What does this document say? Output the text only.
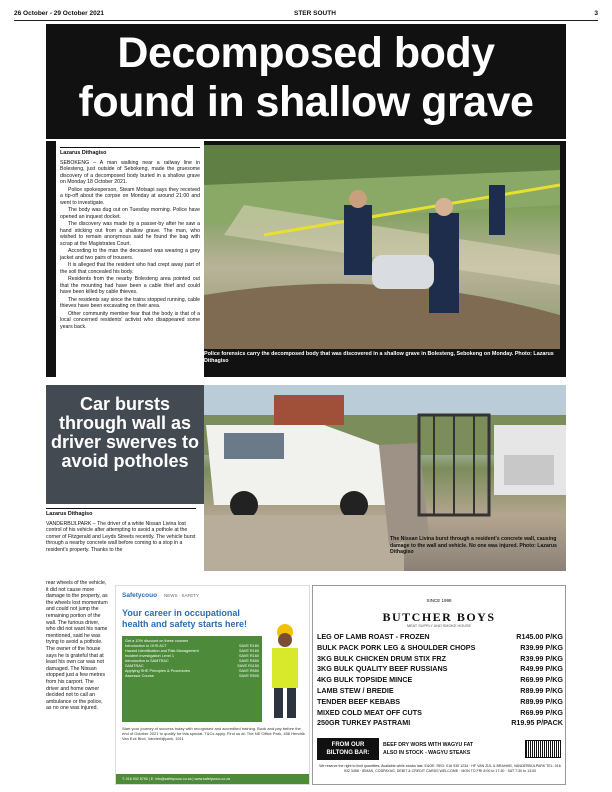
26 October - 29 October 2021	STER SOUTH	3
Decomposed body
found in shallow grave
Lazarus Dithagiso

SEBOKENG – A man walking near a railway line in Bolesteng, just outside of Sebokeng, made the gruesome discovery of a decomposed body buried in a shallow grave on Monday 18 October 2021.

Police spokesperson, Steam Motsapi says they received a tip-off about the corpse on Monday at around 21:00 and went to investigate.

The body was dug out on Tuesday morning. Police have opened an inquest docket.

The discovery was made by a passer-by after he saw a hand sticking out from a shallow grave. The man, who wished to remain anonymous said he found the bag with scrap at the Magistrates Court.

According to the man the deceased was wearing a grey jacket and two pairs of trousers.

It is alleged that the resident who had crept away part of the soil that concealed his body.

Residents from the nearby Bolesteng area pointed out that the mounting had have been a cable thief and could have been killed by cable thieves.

The residents say since the trains stopped running, cable thieves have been excavating on their area.

Other community member fear that the body is that of a local concerned residents' activist who disappeared some years back.

Police forensics carry the decomposed body that was discovered in a shallow grave in Bolesteng, Sebokeng on Monday. Photo: Lazarus Dithagiso
Car bursts through wall as driver swerves to avoid potholes
The Nissan Livina burst through a resident's concrete wall, causing damage to the wall and vehicle. No one was injured. Photo: Lazarus Dithagiso
Lazarus Dithagiso

VANDERBIJLPARK – The driver of a white Nissan Livina lost control of his vehicle after attempting to avoid a pothole at the corner of Fitzgerald and Leyds Streets recently. The vehicle burst through a nearby concrete wall before coming to a stop in a resident's property. Thanks to the

rear wheels of the vehicle, it did not cause more damage to the property, as the wheels lost momentum and could not jump the remaining portion of the wall. The furious driver, who did not want his name mentioned, said he was trying to avoid a pothole. The owner of the house says he is grateful that at least his own car was not damaged. The Nissan stopped just a few metres from his carport. The driver and home owner decided not to call an ambulance or the police, as no one was injured.

Safetycouo NEWS · SAFETY
Your career in occupational health and safety starts here!
Get a 10% discount on these courses
Introduction to OHS ACT	SAVE R180
Hazard Identification and Risk Management	SAVE R160
Incident Investigation Level 1	SAVE R160
Introduction to SAMTRAC	SAVE R650
SAMTRAC	SAVE R1150
Applying SHE Principles & Procedures	SAVE R550
Assessor Course	SAVE R500
Start your journey of success today with recognised and accredited training. Book and pay before the end of October 2021 to qualify for this special. T&Cs apply. Find us at: The NE Office Park, 456 Hendrik Van Eck Blvd, Vanderbijlpark, 1911
T: 016 932 8790 | E: info@safetycouo.co.za | www.safetycouo.co.za
SINCE 1998
BUTCHER BOYS
MEAT SUPPLY AND SMOKE HOUSE
LEG OF LAMB ROAST - FROZEN	R145.00 P/KG
BULK PACK PORK LEG & SHOULDER CHOPS	R39.99 P/KG
3KG BULK CHICKEN DRUM STIX FRZ	R39.99 P/KG
3KG BULK QUALITY BEEF RUSSIANS	R49.99 P/KG
4KG BULK TOPSIDE MINCE	R69.99 P/KG
LAMB STEW / BREDIE	R89.99 P/KG
TENDER BEEF KEBABS	R89.99 P/KG
MIXED COLD MEAT OFF CUTS	R69.99 P/KG
250GR TURKEY PASTRAMI	R19.95 P/PACK
FROM OUR
BILTONG BAR:
BEEF DRY WORS WITH WAGYU FAT
ALSO IN STOCK - WAGYU STEAKS
We reserve the right to limit quantities. Available while stocks last. E&OE. RED: 016 930 1234 · HF VAN ZIJL & BRAHMS, VANDERBIJLPARK TEL: 016 932 3456 · IEMAS, CODPAYAG, DEBIT & CREDIT CARDS WELCOME · MON TO FRI 8:00 to 17:30 · SAT 7:30 to 13:00
